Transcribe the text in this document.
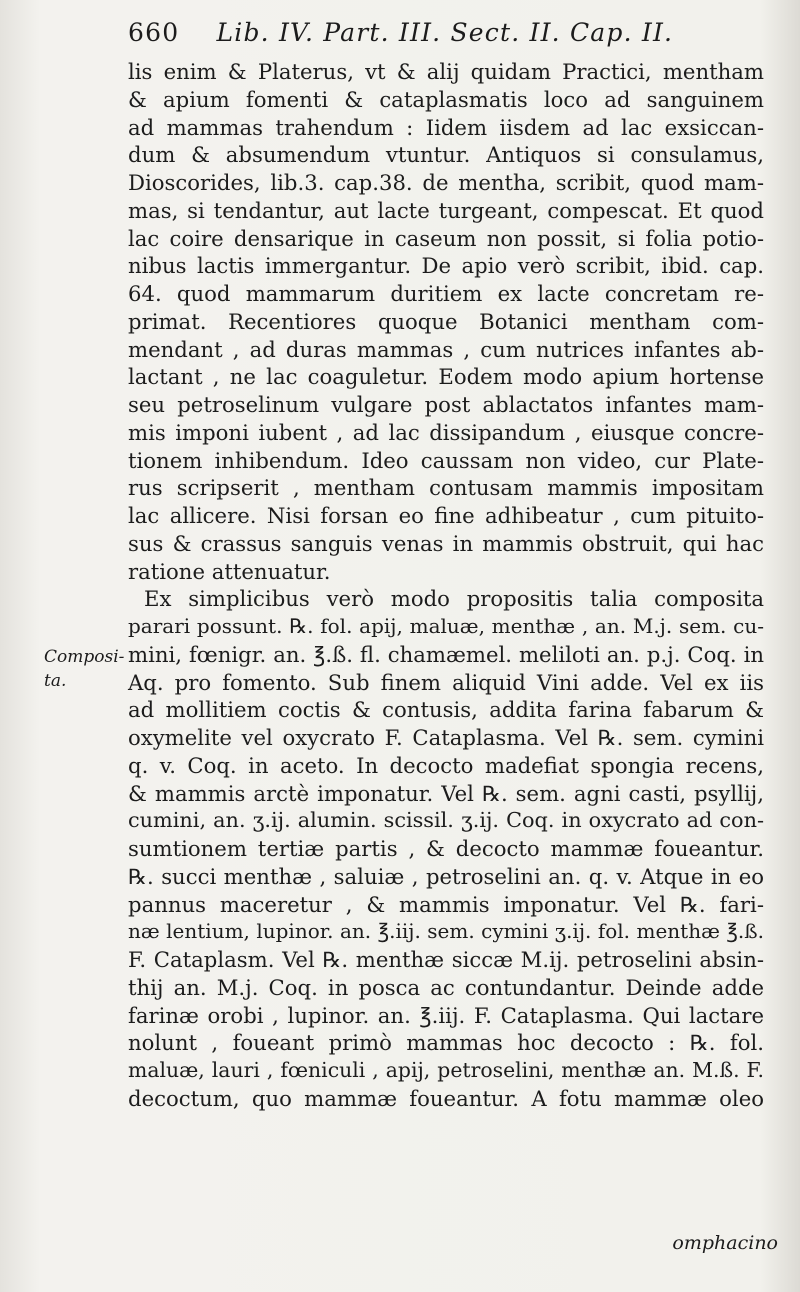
660 Lib. IV. Part. III. Sect. II. Cap. II.
Composi-
ta.
lis enim & Platerus, vt & alij quidam Practici, mentham
& apium fomenti & cataplasmatis loco ad sanguinem
ad mammas trahendum : Iidem iisdem ad lac exsiccan-
dum & absumendum vtuntur. Antiquos si consulamus,
Dioscorides, lib.3. cap.38. de mentha, scribit, quod mam-
mas, si tendantur, aut lacte turgeant, compescat. Et quod
lac coire densarique in caseum non possit, si folia potio-
nibus lactis immergantur. De apio verò scribit, ibid. cap.
64. quod mammarum duritiem ex lacte concretam re-
primat. Recentiores quoque Botanici mentham com-
mendant , ad duras mammas , cum nutrices infantes ab-
lactant , ne lac coaguletur. Eodem modo apium hortense
seu petroselinum vulgare post ablactatos infantes mam-
mis imponi iubent , ad lac dissipandum , eiusque concre-
tionem inhibendum. Ideo caussam non video, cur Plate-
rus scripserit , mentham contusam mammis impositam
lac allicere. Nisi forsan eo fine adhibeatur , cum pituito-
sus & crassus sanguis venas in mammis obstruit, qui hac
ratione attenuatur.
Ex simplicibus verò modo propositis talia composita
parari possunt. ℞. fol. apij, maluæ, menthæ , an. M.j. sem. cu-
mini, fœnigr. an. ℥.ß. fl. chamæmel. meliloti an. p.j. Coq. in
Aq. pro fomento. Sub finem aliquid Vini adde. Vel ex iis
ad mollitiem coctis & contusis, addita farina fabarum &
oxymelite vel oxycrato F. Cataplasma. Vel ℞. sem. cymini
q. v. Coq. in aceto. In decocto madefiat spongia recens,
& mammis arctè imponatur. Vel ℞. sem. agni casti, psyllij,
cumini, an. ʒ.ij. alumin. scissil. ʒ.ij. Coq. in oxycrato ad con-
sumtionem tertiæ partis , & decocto mammæ foueantur.
℞. succi menthæ , saluiæ , petroselini an. q. v. Atque in eo
pannus maceretur , & mammis imponatur. Vel ℞. fari-
næ lentium, lupinor. an. ℥.iij. sem. cymini ʒ.ij. fol. menthæ ℥.ß.
F. Cataplasm. Vel ℞. menthæ siccæ M.ij. petroselini absin-
thij an. M.j. Coq. in posca ac contundantur. Deinde adde
farinæ orobi , lupinor. an. ℥.iij. F. Cataplasma. Qui lactare
nolunt , foueant primò mammas hoc decocto : ℞. fol.
maluæ, lauri , fœniculi , apij, petroselini, menthæ an. M.ß. F.
decoctum, quo mammæ foueantur. A fotu mammæ oleo
omphacino
